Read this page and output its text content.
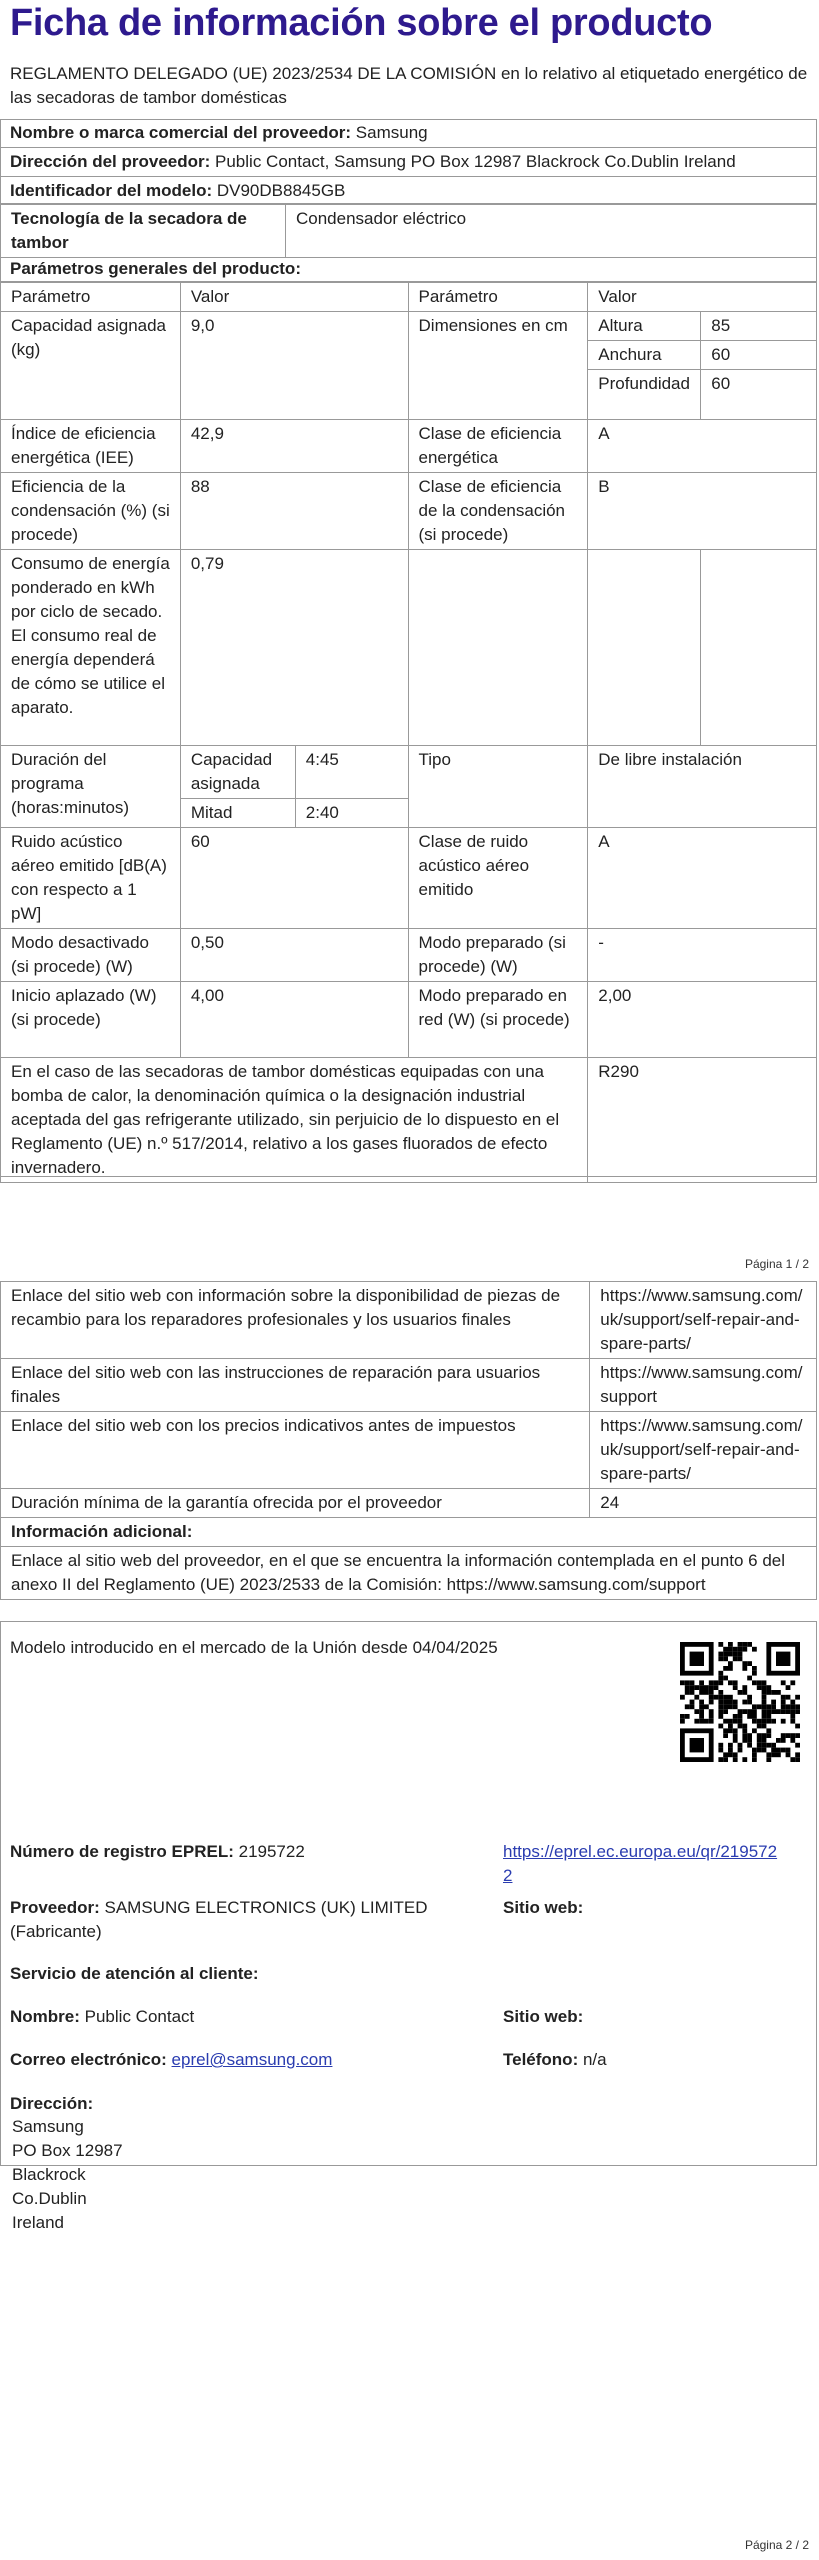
Ficha de información sobre el producto
REGLAMENTO DELEGADO (UE) 2023/2534 DE LA COMISIÓN en lo relativo al etiquetado energético de las secadoras de tambor domésticas
Nombre o marca comercial del proveedor: Samsung
Dirección del proveedor: Public Contact, Samsung PO Box 12987 Blackrock Co.Dublin Ireland
Identificador del modelo: DV90DB8845GB
Tecnología de la secadora de tambor	Condensador eléctrico
Parámetros generales del producto:
Parámetro	Valor		Parámetro	Valor	
Capacidad asignada (kg)	9,0		Dimensiones en cm	Altura	85
				Anchura	60
				Profundidad	60
Índice de eficiencia energética (IEE)	42,9		Clase de eficiencia energética	A	
Eficiencia de la condensación (%) (si procede)	88		Clase de eficiencia de la condensación (si procede)	B	
Consumo de energía ponderado en kWh por ciclo de secado. El consumo real de energía dependerá de cómo se utilice el aparato.	0,79				
Duración del programa (horas:minutos)	Capacidad asignada	4:45	Tipo	De libre instalación	
	Mitad	2:40			
Ruido acústico aéreo emitido [dB(A) con respecto a 1 pW]	60		Clase de ruido acústico aéreo emitido	A	
Modo desactivado (si procede) (W)	0,50		Modo preparado (si procede) (W)	-	
Inicio aplazado (W) (si procede)	4,00		Modo preparado en red (W) (si procede)	2,00	
En el caso de las secadoras de tambor domésticas equipadas con una bomba de calor, la denominación química o la designación industrial aceptada del gas refrigerante utilizado, sin perjuicio de lo dispuesto en el Reglamento (UE) n.º 517/2014, relativo a los gases fluorados de efecto invernadero.				R290	
Página 1 / 2
Enlace del sitio web con información sobre la disponibilidad de piezas de recambio para los reparadores profesionales y los usuarios finales	https://www.samsung.com/uk/support/self-repair-and-spare-parts/
Enlace del sitio web con las instrucciones de reparación para usuarios finales	https://www.samsung.com/support
Enlace del sitio web con los precios indicativos antes de impuestos	https://www.samsung.com/uk/support/self-repair-and-spare-parts/
Duración mínima de la garantía ofrecida por el proveedor	24
Información adicional:	
Enlace al sitio web del proveedor, en el que se encuentra la información contemplada en el punto 6 del anexo II del Reglamento (UE) 2023/2533 de la Comisión: https://www.samsung.com/support	
Modelo introducido en el mercado de la Unión desde 04/04/2025
Número de registro EPREL: 2195722	https://eprel.ec.europa.eu/qr/2195722
Proveedor: SAMSUNG ELECTRONICS (UK) LIMITED (Fabricante)
Sitio web:
Servicio de atención al cliente:
Nombre: Public Contact	Sitio web:
Correo electrónico: eprel@samsung.com	Teléfono: n/a
Dirección:
Samsung
PO Box 12987
Blackrock
Co.Dublin
Ireland
Página 2 / 2
